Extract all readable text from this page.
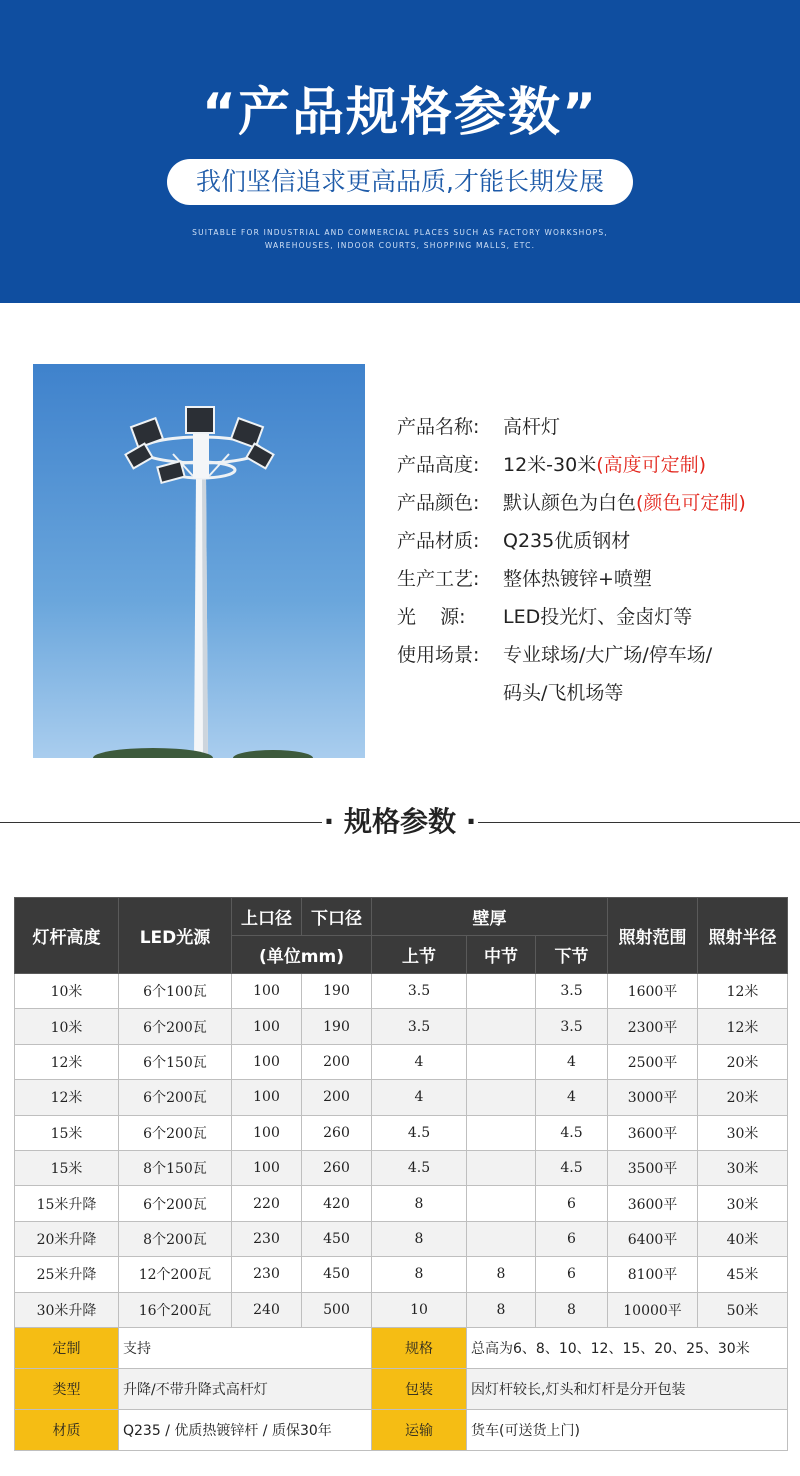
“产品规格参数”
我们坚信追求更高品质,才能长期发展
SUITABLE FOR INDUSTRIAL AND COMMERCIAL PLACES SUCH AS FACTORY WORKSHOPS,
WAREHOUSES, INDOOR COURTS, SHOPPING MALLS, ETC.
产品名称:	高杆灯
产品高度:	12米-30米(高度可定制)
产品颜色:	默认颜色为白色(颜色可定制)
产品材质:	Q235优质钢材
生产工艺:	整体热镀锌+喷塑
光    源:	LED投光灯、金卤灯等
使用场景:	专业球场/大广场/停车场/
码头/飞机场等
· 规格参数 ·
灯杆高度	LED光源	上口径	下口径	壁厚			照射范围	照射半径
		(单位mm)		上节	中节	下节		
10米	6个100瓦	100	190	3.5		3.5	1600平	12米
10米	6个200瓦	100	190	3.5		3.5	2300平	12米
12米	6个150瓦	100	200	4		4	2500平	20米
12米	6个200瓦	100	200	4		4	3000平	20米
15米	6个200瓦	100	260	4.5		4.5	3600平	30米
15米	8个150瓦	100	260	4.5		4.5	3500平	30米
15米升降	6个200瓦	220	420	8		6	3600平	30米
20米升降	8个200瓦	230	450	8		6	6400平	40米
25米升降	12个200瓦	230	450	8	8	6	8100平	45米
30米升降	16个200瓦	240	500	10	8	8	10000平	50米
定制	支持			规格	总高为6、8、10、12、15、20、25、30米			
类型	升降/不带升降式高杆灯			包装	因灯杆较长,灯头和灯杆是分开包装			
材质	Q235 / 优质热镀锌杆 / 质保30年			运输	货车(可送货上门)			
